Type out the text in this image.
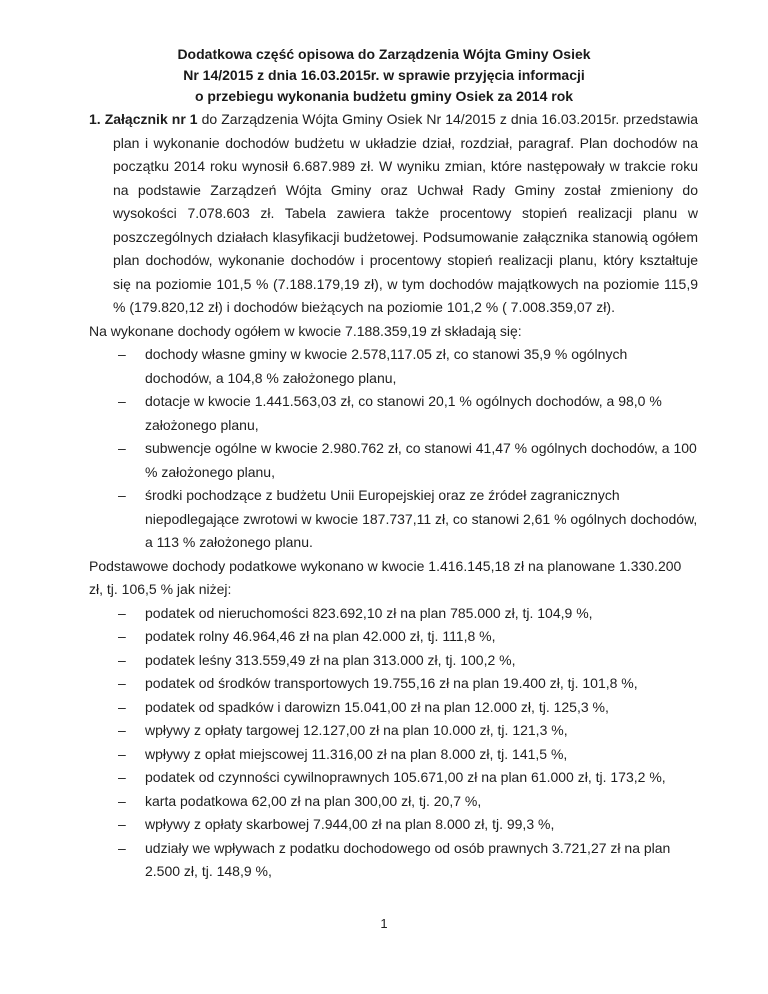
Dodatkowa część opisowa do Zarządzenia Wójta Gminy Osiek
Nr 14/2015 z dnia 16.03.2015r. w sprawie przyjęcia informacji
o przebiegu wykonania budżetu gminy Osiek za 2014 rok

1. Załącznik nr 1 do Zarządzenia Wójta Gminy Osiek Nr 14/2015 z dnia 16.03.2015r. przedstawia plan i wykonanie dochodów budżetu w układzie dział, rozdział, paragraf. Plan dochodów na początku 2014 roku wynosił 6.687.989 zł. W wyniku zmian, które następowały w trakcie roku na podstawie Zarządzeń Wójta Gminy oraz Uchwał Rady Gminy został zmieniony do wysokości 7.078.603 zł. Tabela zawiera także procentowy stopień realizacji planu w poszczególnych działach klasyfikacji budżetowej. Podsumowanie załącznika stanowią ogółem plan dochodów, wykonanie dochodów i procentowy stopień realizacji planu, który kształtuje się na poziomie 101,5 % (7.188.179,19 zł), w tym dochodów majątkowych na poziomie 115,9 % (179.820,12 zł) i dochodów bieżących na poziomie 101,2 % ( 7.008.359,07 zł).

Na wykonane dochody ogółem w kwocie 7.188.359,19 zł składają się:

– dochody własne gminy w kwocie 2.578,117.05 zł, co stanowi 35,9 % ogólnych dochodów, a 104,8 % założonego planu,
– dotacje w kwocie 1.441.563,03 zł, co stanowi 20,1 % ogólnych dochodów, a 98,0 % założonego planu,
– subwencje ogólne w kwocie 2.980.762 zł, co stanowi 41,47 % ogólnych dochodów, a 100 % założonego planu,
– środki pochodzące z budżetu Unii Europejskiej oraz ze źródeł zagranicznych niepodlegające zwrotowi w kwocie 187.737,11 zł, co stanowi 2,61 % ogólnych dochodów, a 113 % założonego planu.

Podstawowe dochody podatkowe wykonano w kwocie 1.416.145,18 zł na planowane 1.330.200 zł, tj. 106,5 % jak niżej:

– podatek od nieruchomości 823.692,10 zł na plan 785.000 zł, tj. 104,9 %,
– podatek rolny 46.964,46 zł na plan 42.000 zł, tj. 111,8 %,
– podatek leśny 313.559,49 zł na plan 313.000 zł, tj. 100,2 %,
– podatek od środków transportowych 19.755,16 zł na plan 19.400 zł, tj. 101,8 %,
– podatek od spadków i darowizn 15.041,00 zł na plan 12.000 zł, tj. 125,3 %,
– wpływy z opłaty targowej 12.127,00 zł na plan 10.000 zł, tj. 121,3 %,
– wpływy z opłat miejscowej 11.316,00 zł na plan 8.000 zł, tj. 141,5 %,
– podatek od czynności cywilnoprawnych 105.671,00 zł na plan 61.000 zł, tj. 173,2 %,
– karta podatkowa 62,00 zł na plan 300,00 zł, tj. 20,7 %,
– wpływy z opłaty skarbowej 7.944,00 zł na plan 8.000 zł, tj. 99,3 %,
– udziały we wpływach z podatku dochodowego od osób prawnych 3.721,27 zł na plan 2.500 zł, tj. 148,9 %,
1
